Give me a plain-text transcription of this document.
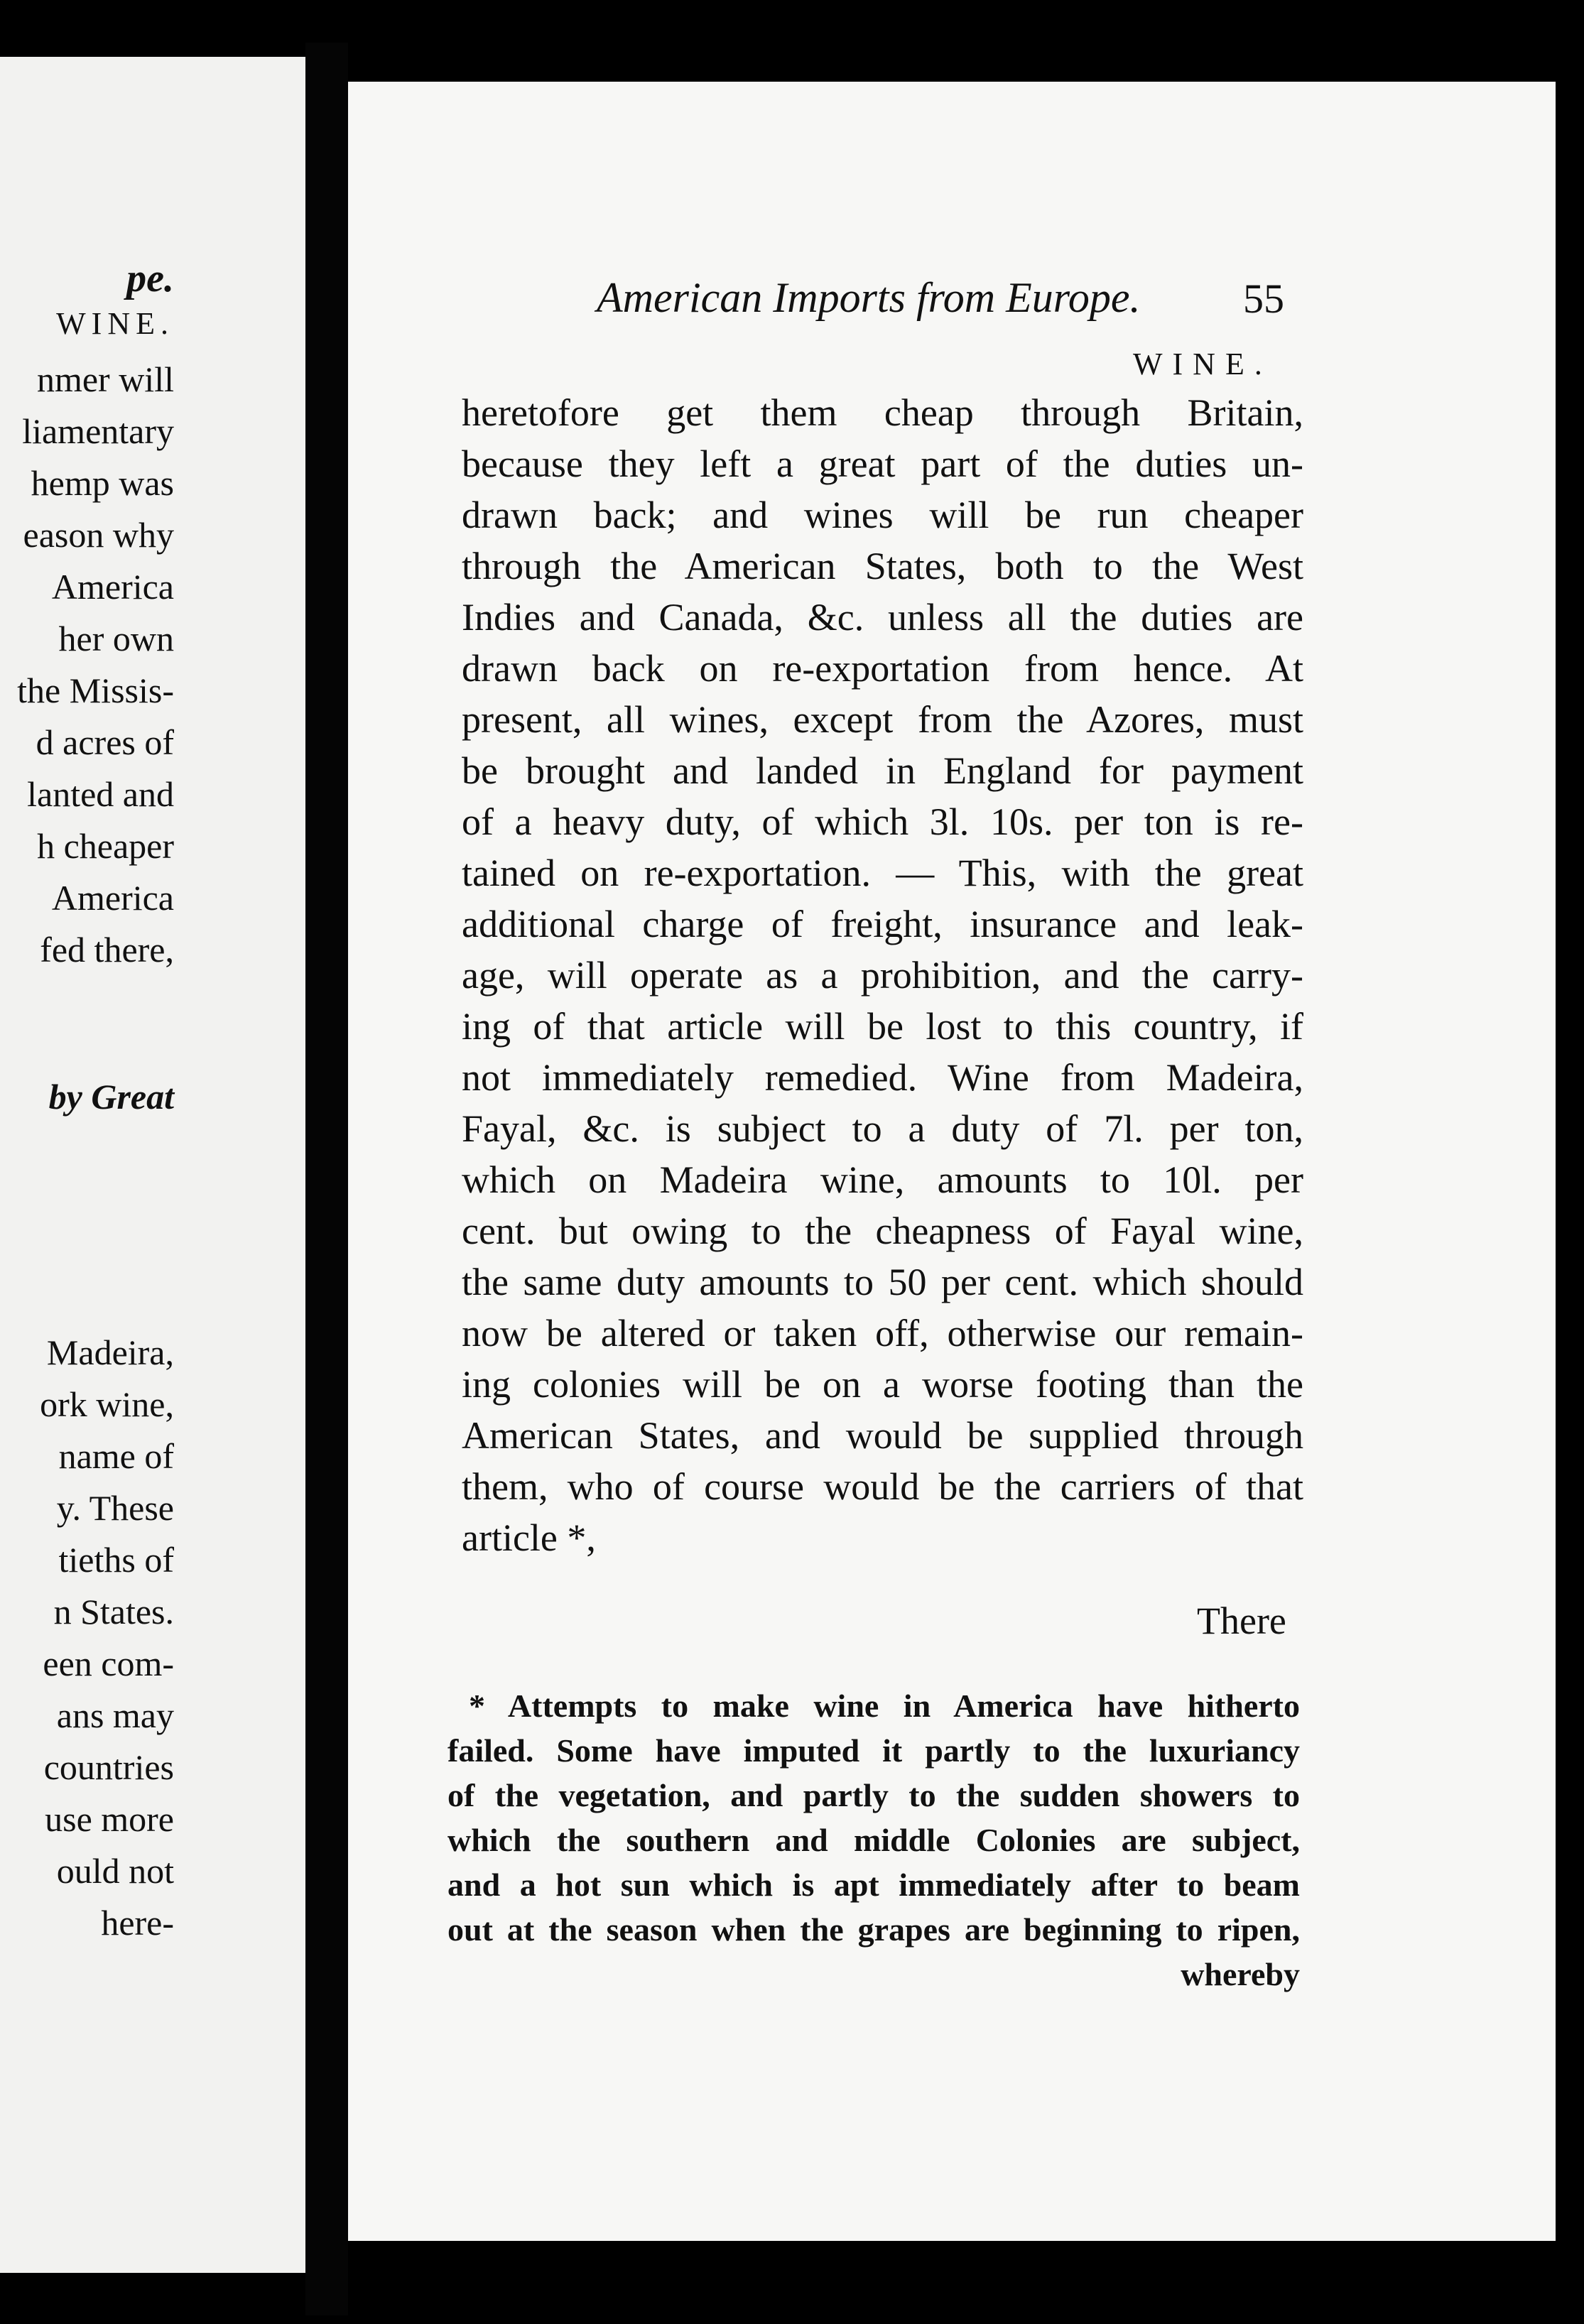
pe.
WINE.
nmer will
liamentary
hemp was
eason why
America
her own
the Missis-
d acres of
lanted and
h cheaper
America
fed there,
by Great
Madeira,
ork wine,
name of
y. These
tieths of
n States.
een com-
ans may
countries
use more
ould not
here-
American Imports from Europe. 55
WINE.
heretofore get them cheap through Britain,
because they left a great part of the duties un-
drawn back; and wines will be run cheaper
through the American States, both to the West
Indies and Canada, &c. unless all the duties are
drawn back on re-exportation from hence. At
present, all wines, except from the Azores, must
be brought and landed in England for payment
of a heavy duty, of which 3l. 10s. per ton is re-
tained on re-exportation. — This, with the great
additional charge of freight, insurance and leak-
age, will operate as a prohibition, and the carry-
ing of that article will be lost to this country, if
not immediately remedied. Wine from Madeira,
Fayal, &c. is subject to a duty of 7l. per ton,
which on Madeira wine, amounts to 10l. per
cent. but owing to the cheapness of Fayal wine,
the same duty amounts to 50 per cent. which should
now be altered or taken off, otherwise our remain-
ing colonies will be on a worse footing than the
American States, and would be supplied through
them, who of course would be the carriers of that
article *,
There
* Attempts to make wine in America have hitherto
failed. Some have imputed it partly to the luxuriancy
of the vegetation, and partly to the sudden showers to
which the southern and middle Colonies are subject,
and a hot sun which is apt immediately after to beam
out at the season when the grapes are beginning to ripen,
whereby
